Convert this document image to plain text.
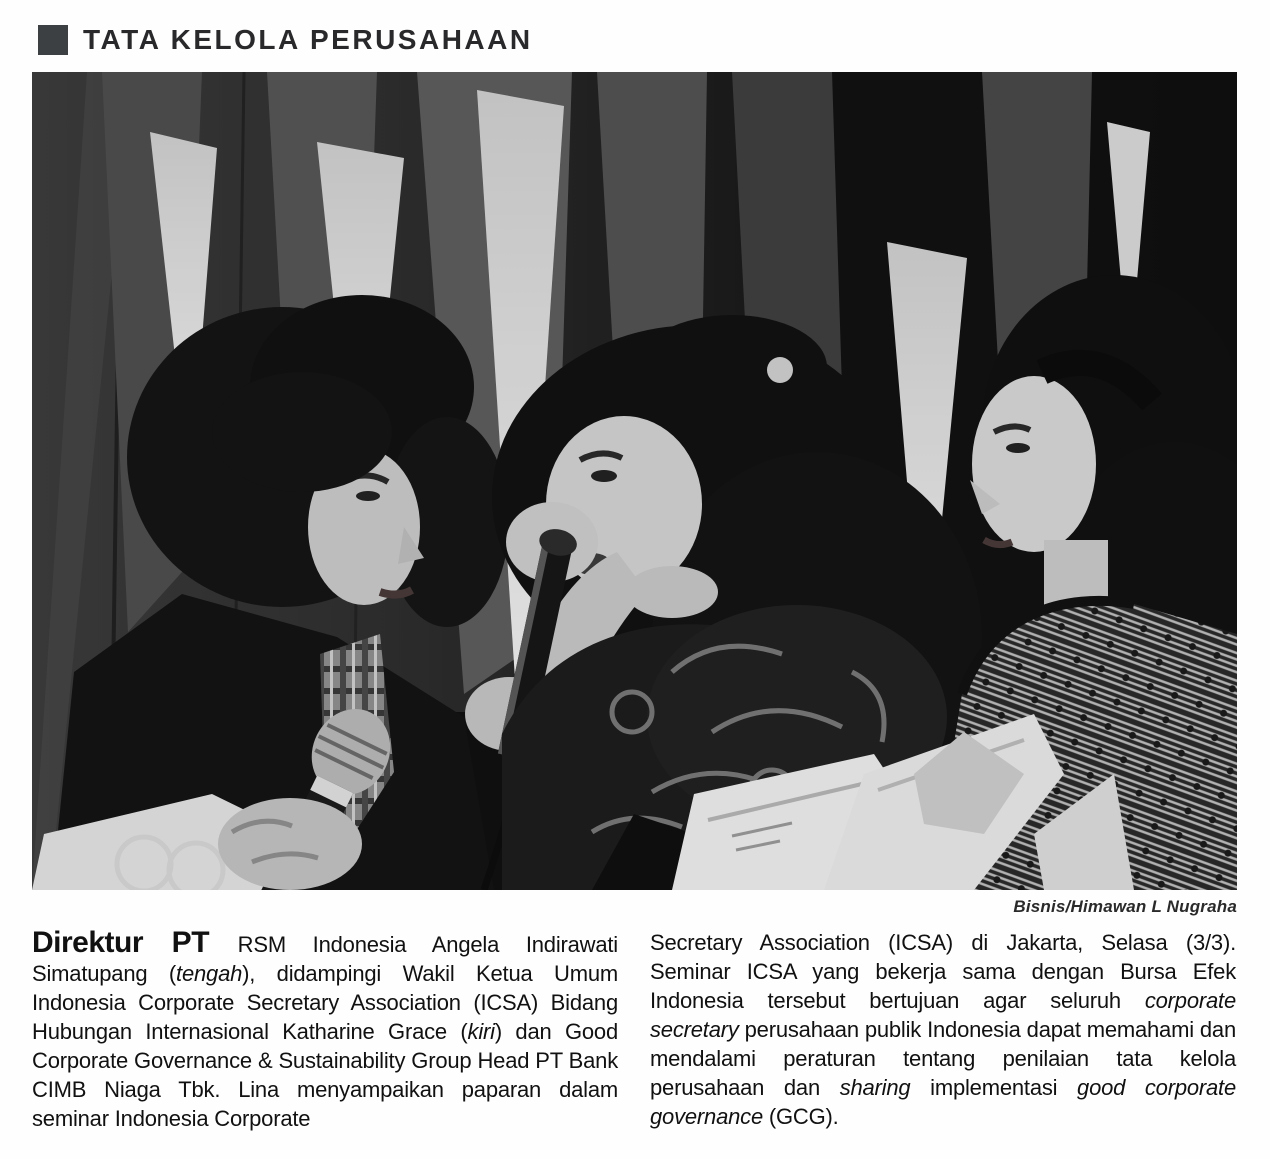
TATA KELOLA PERUSAHAAN
Bisnis/Himawan L Nugraha
Direktur PT RSM Indonesia Angela Indirawati Simatupang (tengah), didampingi Wakil Ketua Umum Indonesia Corporate Secretary Association (ICSA) Bidang Hubungan Internasional Katharine Grace (kiri) dan Good Corporate Governance & Sustainability Group Head PT Bank CIMB Niaga Tbk. Lina menyampaikan paparan dalam seminar Indonesia Corporate
Secretary Association (ICSA) di Jakarta, Selasa (3/3). Seminar ICSA yang bekerja sama dengan Bursa Efek Indonesia tersebut bertujuan agar seluruh corporate secretary perusahaan publik Indonesia dapat memahami dan mendalami peraturan tentang penilaian tata kelola perusahaan dan sharing implementasi good corporate governance (GCG).
